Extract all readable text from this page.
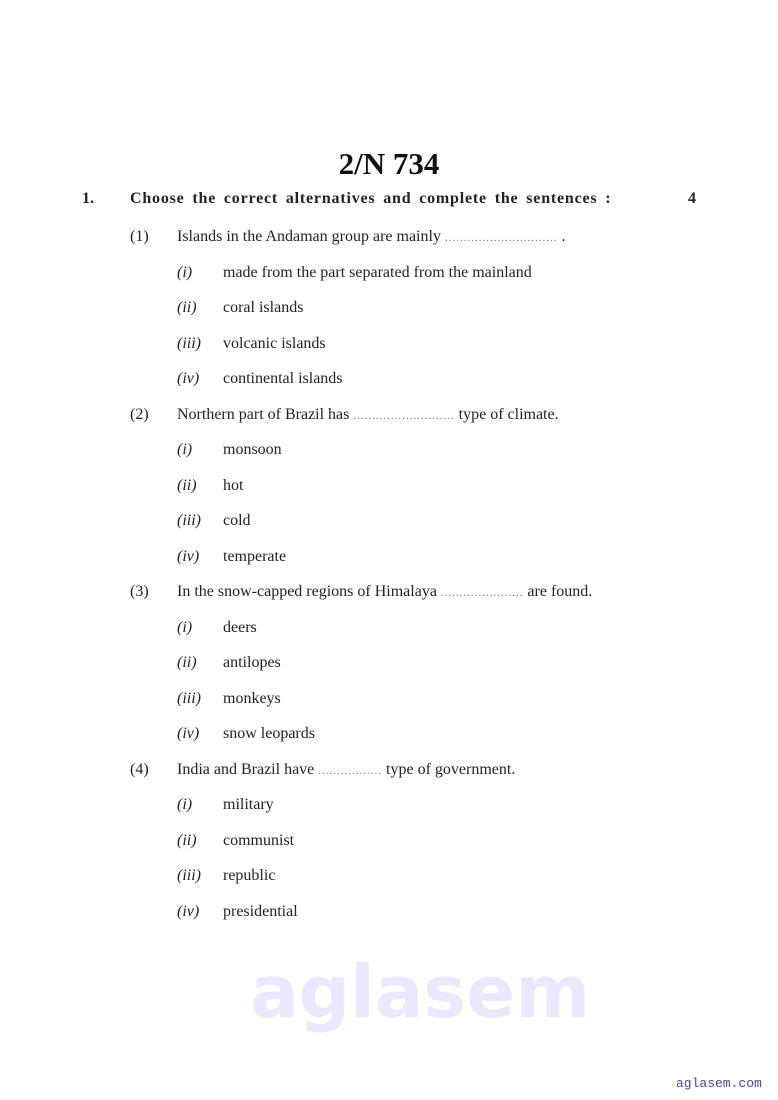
aglasem
2/N 734
1. Choose the correct alternatives and complete the sentences :	4
(1) Islands in the Andaman group are mainly .............................. .
(i) made from the part separated from the mainland
(ii) coral islands
(iii) volcanic islands
(iv) continental islands
(2) Northern part of Brazil has ........................... type of climate.
(i) monsoon
(ii) hot
(iii) cold
(iv) temperate
(3) In the snow-capped regions of Himalaya ...................... are found.
(i) deers
(ii) antilopes
(iii) monkeys
(iv) snow leopards
(4) India and Brazil have ................. type of government.
(i) military
(ii) communist
(iii) republic
(iv) presidential
aglasem.com
